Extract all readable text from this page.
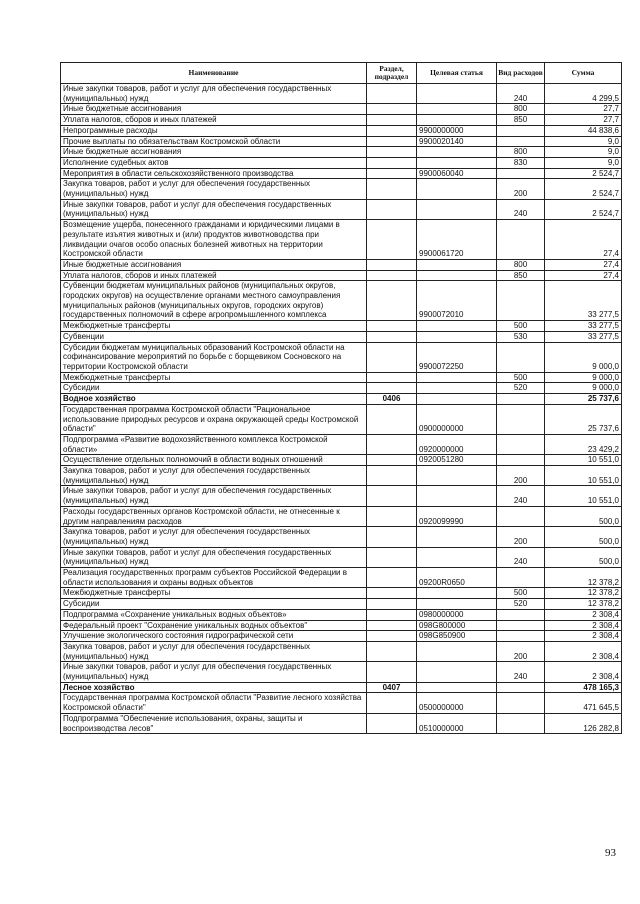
Наименование	Раздел, подраздел	Целевая статья	Вид расходов	Сумма
Иные закупки товаров, работ и услуг для обеспечения государственных (муниципальных) нужд			240	4 299,5
Иные бюджетные ассигнования			800	27,7
Уплата налогов, сборов и иных платежей			850	27,7
Непрограммные расходы		9900000000		44 838,6
Прочие выплаты по обязательствам Костромской области		9900020140		9,0
Иные бюджетные ассигнования			800	9,0
Исполнение судебных актов			830	9,0
Мероприятия в области сельскохозяйственного производства		9900060040		2 524,7
Закупка товаров, работ и услуг для обеспечения государственных (муниципальных) нужд			200	2 524,7
Иные закупки товаров, работ и услуг для обеспечения государственных (муниципальных) нужд			240	2 524,7
Возмещение ущерба, понесенного гражданами и юридическими лицами в результате изъятия животных и (или) продуктов животноводства при ликвидации очагов особо опасных болезней животных на территории Костромской области		9900061720		27,4
Иные бюджетные ассигнования			800	27,4
Уплата налогов, сборов и иных платежей			850	27,4
Субвенции бюджетам муниципальных районов (муниципальных округов, городских округов) на осуществление органами местного самоуправления муниципальных районов (муниципальных округов, городских округов) государственных полномочий в сфере агропромышленного комплекса		9900072010		33 277,5
Межбюджетные трансферты			500	33 277,5
Субвенции			530	33 277,5
Субсидии бюджетам муниципальных образований Костромской области на софинансирование мероприятий по борьбе с борщевиком Сосновского на территории Костромской области		9900072250		9 000,0
Межбюджетные трансферты			500	9 000,0
Субсидии			520	9 000,0
Водное хозяйство	0406			25 737,6
Государственная программа Костромской области "Рациональное использование природных ресурсов и охрана окружающей среды Костромской области"		0900000000		25 737,6
Подпрограмма «Развитие водохозяйственного комплекса Костромской области»		0920000000		23 429,2
Осуществление отдельных полномочий в области водных отношений		0920051280		10 551,0
Закупка товаров, работ и услуг для обеспечения государственных (муниципальных) нужд			200	10 551,0
Иные закупки товаров, работ и услуг для обеспечения государственных (муниципальных) нужд			240	10 551,0
Расходы государственных органов Костромской области, не отнесенные к другим направлениям расходов		0920099990		500,0
Закупка товаров, работ и услуг для обеспечения государственных (муниципальных) нужд			200	500,0
Иные закупки товаров, работ и услуг для обеспечения государственных (муниципальных) нужд			240	500,0
Реализация государственных программ субъектов Российской Федерации в области использования и охраны водных объектов		09200R0650		12 378,2
Межбюджетные трансферты			500	12 378,2
Субсидии			520	12 378,2
Подпрограмма «Сохранение уникальных водных объектов»		0980000000		2 308,4
Федеральный проект "Сохранение уникальных водных объектов"		098G800000		2 308,4
Улучшение экологического состояния гидрографической сети		098G850900		2 308,4
Закупка товаров, работ и услуг для обеспечения государственных (муниципальных) нужд			200	2 308,4
Иные закупки товаров, работ и услуг для обеспечения государственных (муниципальных) нужд			240	2 308,4
Лесное хозяйство	0407			478 165,3
Государственная программа Костромской области "Развитие лесного хозяйства Костромской области"		0500000000		471 645,5
Подпрограмма "Обеспечение использования, охраны, защиты и воспроизводства лесов"		0510000000		126 282,8
93
